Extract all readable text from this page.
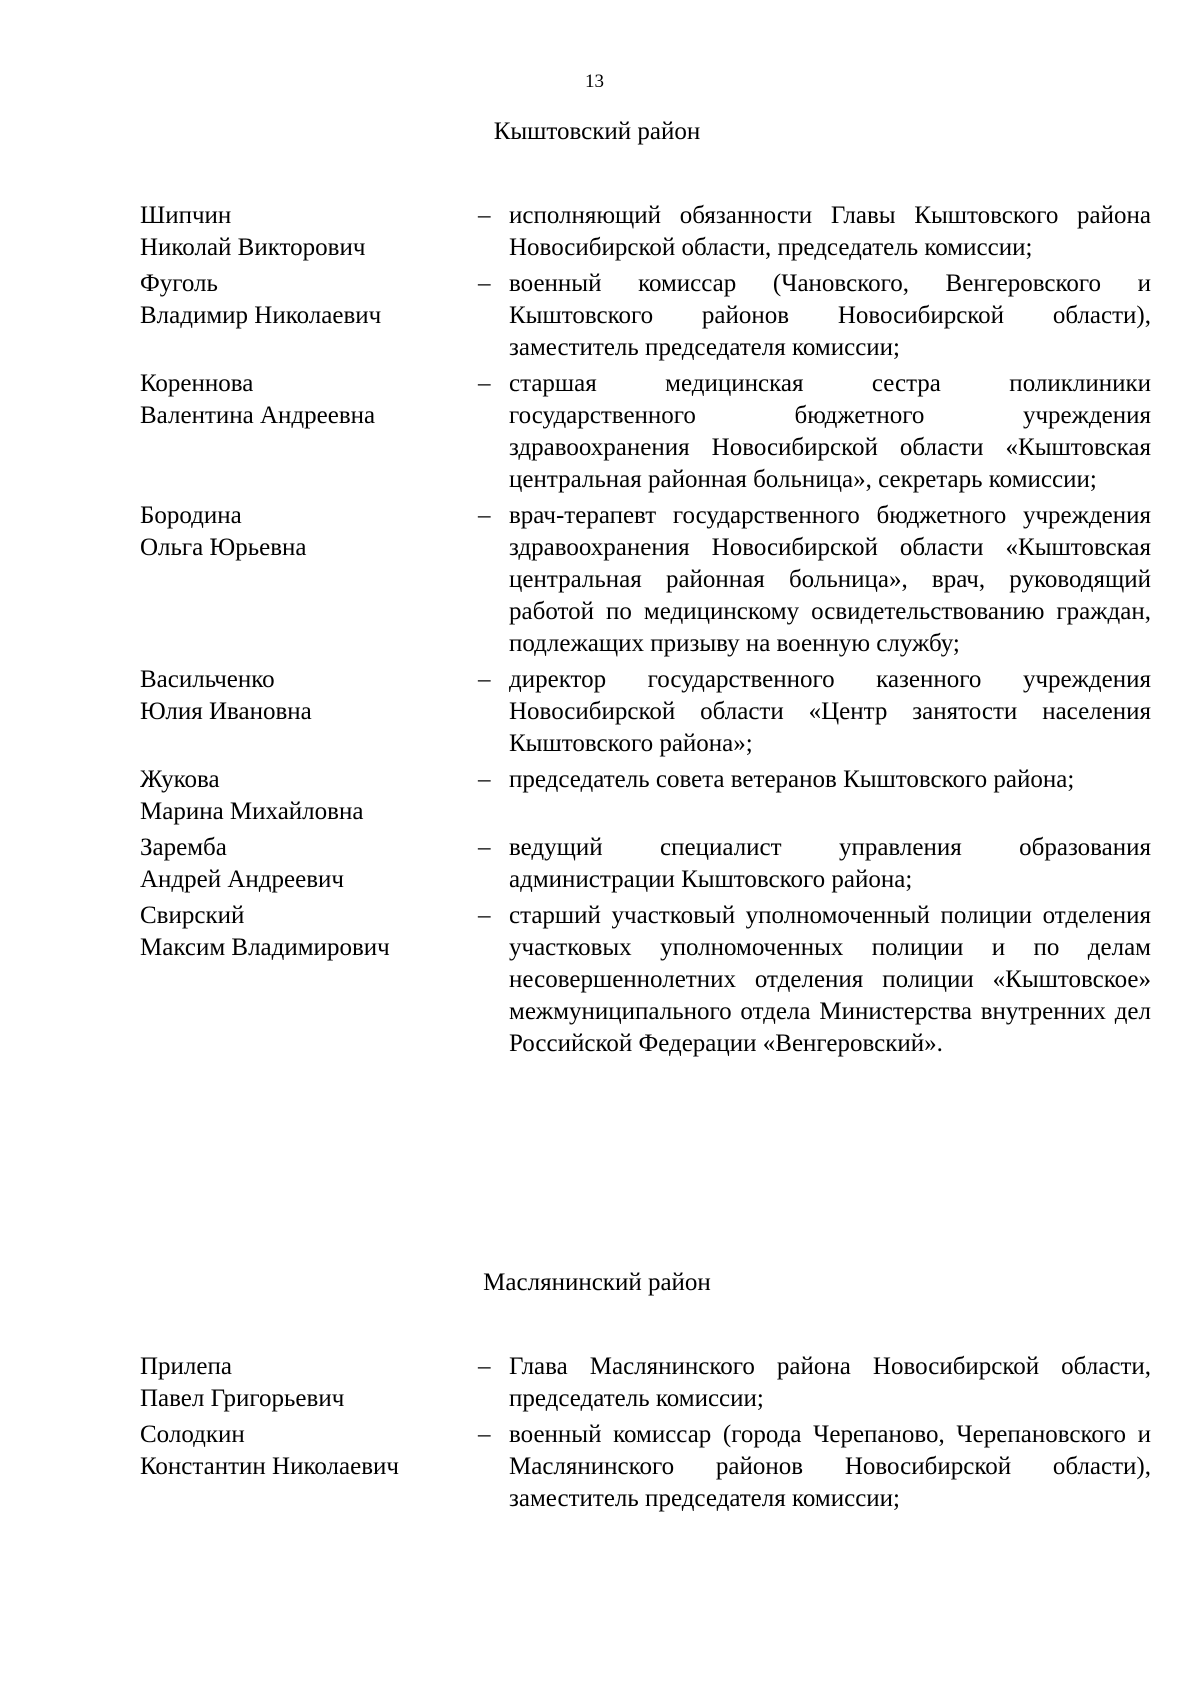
13
Кыштовский район
Шипчин
Николай Викторович
– исполняющий обязанности Главы Кыштовского района Новосибирской области, председатель комиссии;
Фуголь
Владимир Николаевич
– военный комиссар (Чановского, Венгеровского и Кыштовского районов Новосибирской области), заместитель председателя комиссии;
Кореннова
Валентина Андреевна
– старшая медицинская сестра поликлиники государственного бюджетного учреждения здравоохранения Новосибирской области «Кыштовская центральная районная больница», секретарь комиссии;
Бородина
Ольга Юрьевна
– врач-терапевт государственного бюджетного учреждения здравоохранения Новосибирской области «Кыштовская центральная районная больница», врач, руководящий работой по медицинскому освидетельствованию граждан, подлежащих призыву на военную службу;
Васильченко
Юлия Ивановна
– директор государственного казенного учреждения Новосибирской области «Центр занятости населения Кыштовского района»;
Жукова
Марина Михайловна
– председатель совета ветеранов Кыштовского района;
Заремба
Андрей Андреевич
– ведущий специалист управления образования администрации Кыштовского района;
Свирский
Максим Владимирович
– старший участковый уполномоченный полиции отделения участковых уполномоченных полиции и по делам несовершеннолетних отделения полиции «Кыштовское» межмуниципального отдела Министерства внутренних дел Российской Федерации «Венгеровский».
Маслянинский район
Прилепа
Павел Григорьевич
– Глава Маслянинского района Новосибирской области, председатель комиссии;
Солодкин
Константин Николаевич
– военный комиссар (города Черепаново, Черепановского и Маслянинского районов Новосибирской области), заместитель председателя комиссии;
